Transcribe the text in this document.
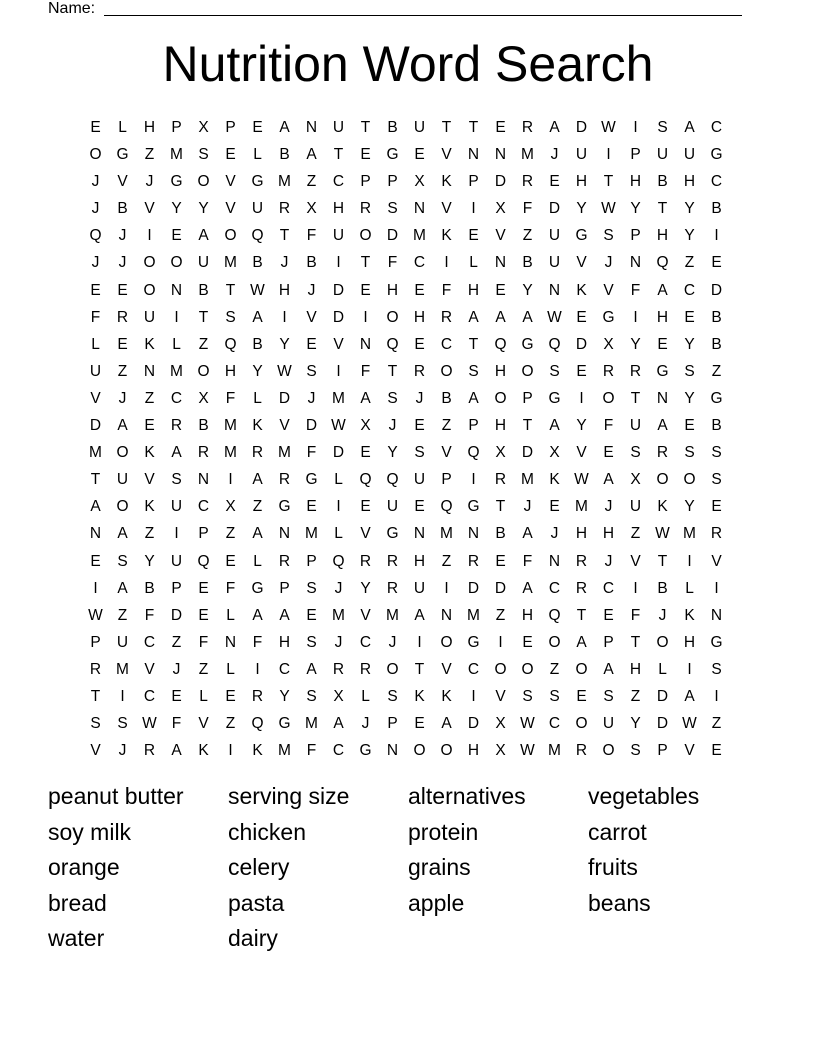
Name:
Nutrition Word Search
E	L	H	P	X	P	E	A	N	U	T	B	U	T	T	E	R	A	D W	I	S	A	C
O G	Z	M S	E	L	B	A	T	E	G	E	V	N	N M	J	U	I	P	U	U G
J	V	J	G O	V	G M	Z	C	P	P	X	K	P	D	R	E	H	T	H	B	H	C
J	B	V	Y	Y	V	U	R	X	H	R	S	N	V	I	X	F	D	Y W Y	T	Y	B
Q	J	I	E	A	O Q	T	F	U O D M K	E	V	Z	U G	S	P	H	Y	I
J	J	O O U M B	J	B	I	T	F	C	I	L	N	B	U	V	J	N Q	Z	E
E	E	O N	B	T W H	J	D	E	H	E	F	H	E	Y	N	K	V	F	A	C	D
F	R	U	I	T	S	A	I	V	D	I	O H	R	A	A	A W E	G	I	H	E	B
L	E	K	L	Z	Q	B	Y	E	V	N Q	E	C	T	Q G Q D	X	Y	E	Y	B
U	Z	N M O H	Y W S	I	F	T	R O	S	H O	S	E	R	R G	S	Z
V	J	Z	C	X	F	L	D	J	M A	S	J	B	A	O	P	G	I	O	T	N	Y	G
D	A	E	R	B M K	V	D W X	J	E	Z	P	H	T	A	Y	F	U	A	E	B
M O	K	A	R M R M	F	D	E	Y	S	V	Q	X	D	X	V	E	S	R	S	S
T	U	V	S	N	I	A	R G	L	Q Q U	P	I	R M K W A	X	O O	S
A	O	K	U	C	X	Z	G	E	I	E	U	E	Q G	T	J	E M	J	U	K	Y	E
N	A	Z	I	P	Z	A	N M	L	V	G N M N	B	A	J	H	H	Z W M R
E	S	Y	U Q	E	L	R	P	Q R	R	H	Z	R	E	F	N	R	J	V	T	I	V
I	A	B	P	E	F	G	P	S	J	Y	R	U	I	D	D	A	C	R	C	I	B	L	I
W Z	F	D	E	L	A	A	E M V M A	N M	Z	H Q	T	E	F	J	K	N
P	U	C	Z	F	N	F	H	S	J	C	J	I	O G	I	E	O	A	P	T	O H G
R M V	J	Z	L	I	C	A	R	R O	T	V	C O O	Z	O	A	H	L	I	S
T	I	C	E	L	E	R	Y	S	X	L	S	K	K	I	V	S	S	E	S	Z	D	A	I
S	S W F	V	Z	Q G M A	J	P	E	A	D	X W C O U	Y	D W Z
V	J	R	A	K	I	K M	F	C G N O O H	X W M R O	S	P	V	E
peanut butter	serving size	alternatives	vegetables
soy milk	chicken	protein	carrot
orange	celery	grains	fruits
bread	pasta	apple	beans
water	dairy
